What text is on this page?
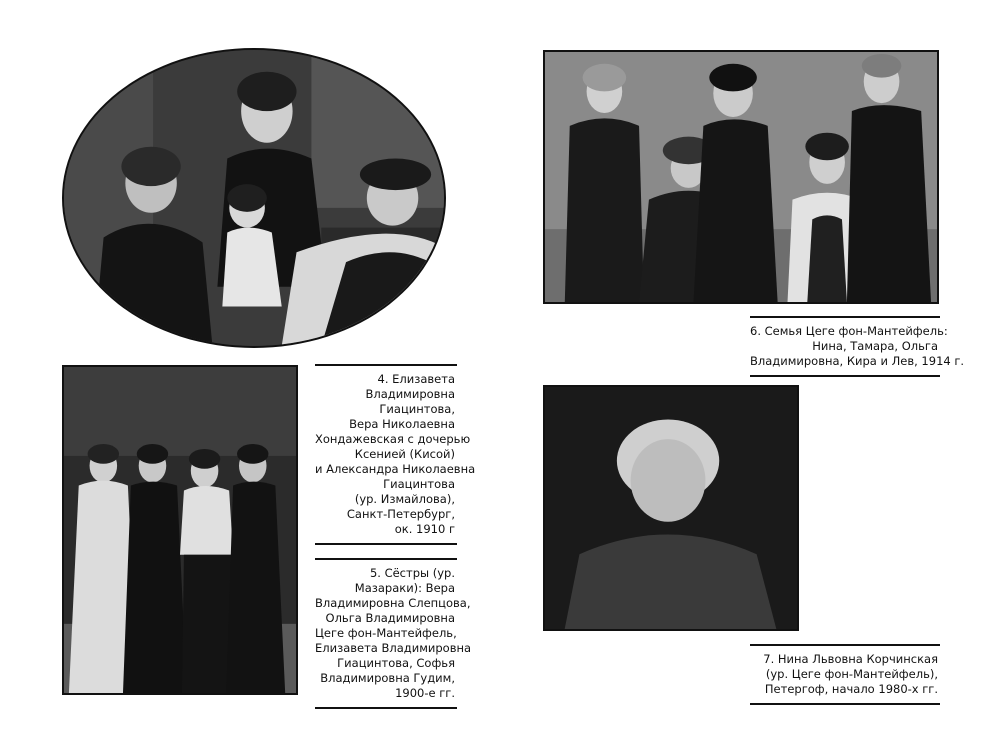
4. Елизавета
Владимировна
Гиацинтова,
Вера Николаевна
Хондажевская с дочерью
Ксенией (Кисой)
и Александра Николаевна
Гиацинтова
(ур. Измайлова),
Санкт-Петербург,
ок. 1910 г
5. Сёстры (ур.
Мазараки): Вера
Владимировна Слепцова,
Ольга Владимировна
Цеге фон-Мантейфель,
Елизавета Владимировна
Гиацинтова, Софья
Владимировна Гудим,
1900-е гг.
6. Семья Цеге фон-Мантейфель:
Нина, Тамара, Ольга
Владимировна, Кира и Лев, 1914 г.
7. Нина Львовна Корчинская
(ур. Цеге фон-Мантейфель),
Петергоф, начало 1980-х гг.
